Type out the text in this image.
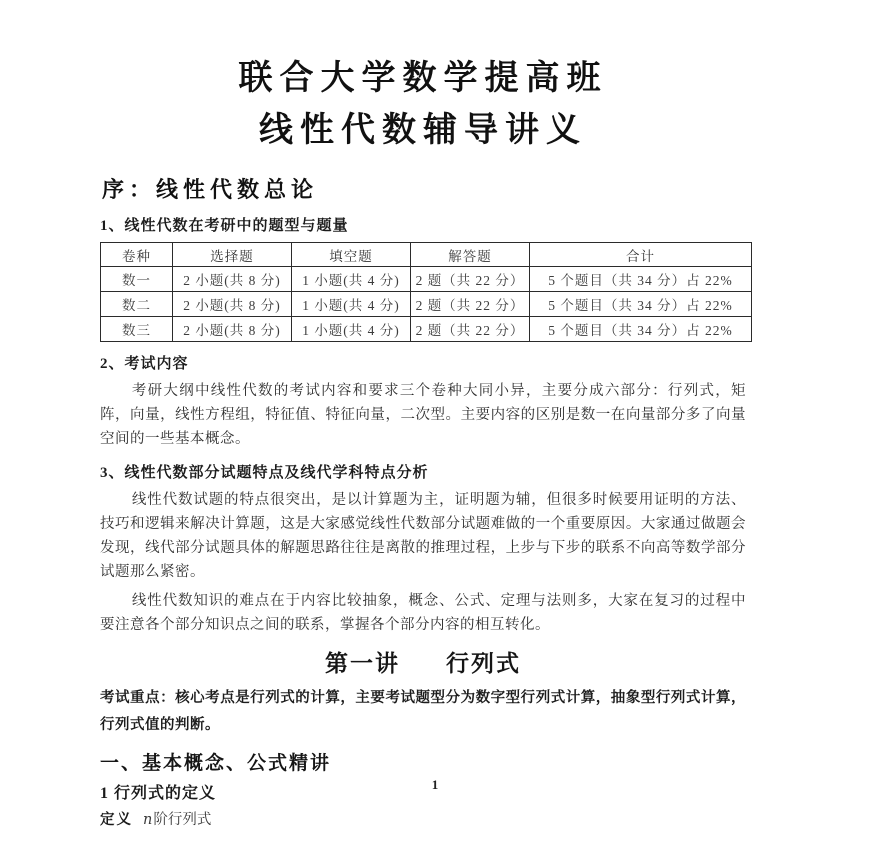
联合大学数学提高班
线性代数辅导讲义
序：线性代数总论
1、线性代数在考研中的题型与题量
卷种	选择题	填空题	解答题	合计
数一	2 小题(共 8 分)	1 小题(共 4 分)	2 题（共 22 分）	5 个题目（共 34 分）占 22%
数二	2 小题(共 8 分)	1 小题(共 4 分)	2 题（共 22 分）	5 个题目（共 34 分）占 22%
数三	2 小题(共 8 分)	1 小题(共 4 分)	2 题（共 22 分）	5 个题目（共 34 分）占 22%
2、考试内容

考研大纲中线性代数的考试内容和要求三个卷种大同小异，主要分成六部分：行列式，矩阵，向量，线性方程组，特征值、特征向量，二次型。主要内容的区别是数一在向量部分多了向量空间的一些基本概念。

3、线性代数部分试题特点及线代学科特点分析

线性代数试题的特点很突出，是以计算题为主，证明题为辅，但很多时候要用证明的方法、技巧和逻辑来解决计算题，这是大家感觉线性代数部分试题难做的一个重要原因。大家通过做题会发现，线代部分试题具体的解题思路往往是离散的推理过程，上步与下步的联系不向高等数学部分试题那么紧密。

线性代数知识的难点在于内容比较抽象，概念、公式、定理与法则多，大家在复习的过程中要注意各个部分知识点之间的联系，掌握各个部分内容的相互转化。

第一讲 行列式

考试重点：核心考点是行列式的计算，主要考试题型分为数字型行列式计算，抽象型行列式计算，行列式值的判断。

一、基本概念、公式精讲
1 行列式的定义

定义 n阶行列式

1
